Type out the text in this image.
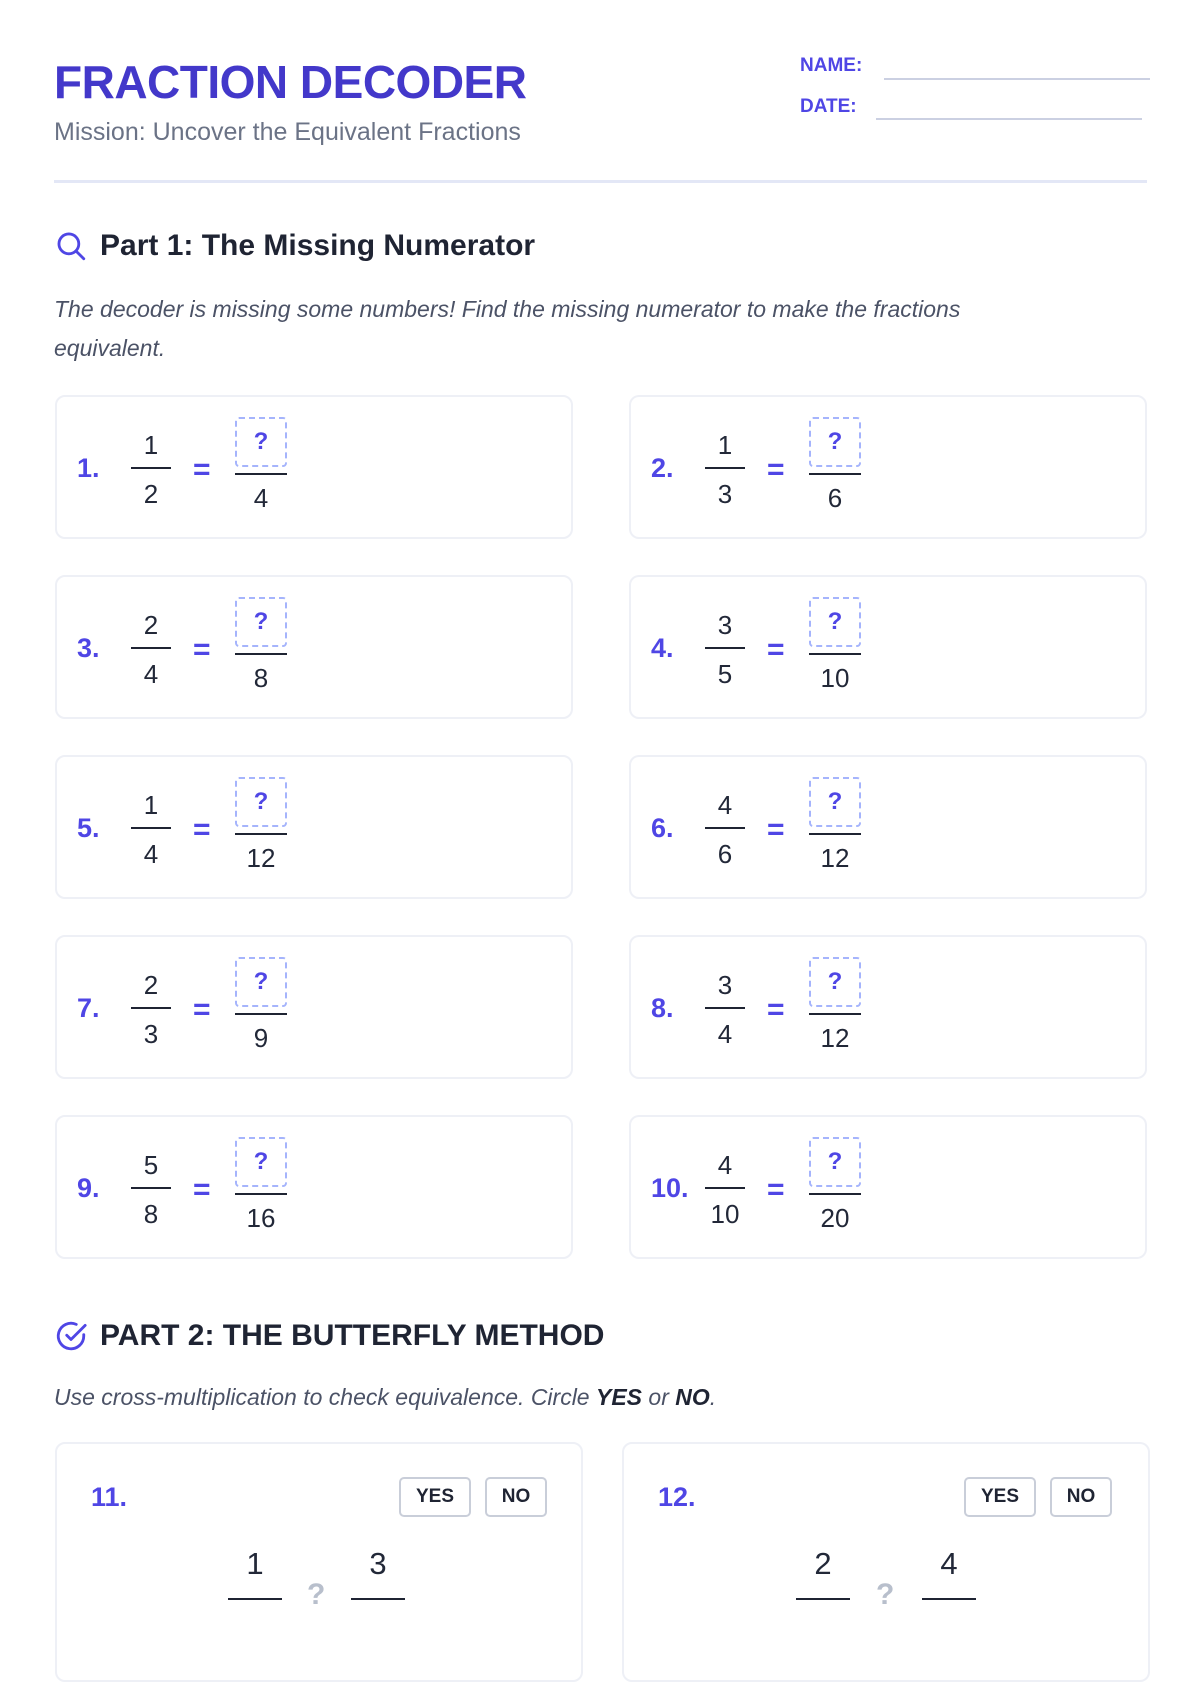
FRACTION DECODER
Mission: Uncover the Equivalent Fractions
NAME:
DATE:
Part 1: The Missing Numerator
The decoder is missing some numbers! Find the missing numerator to make the fractions equivalent.
1.
1
2
=
?
4
2.
1
3
=
?
6
3.
2
4
=
?
8
4.
3
5
=
?
10
5.
1
4
=
?
12
6.
4
6
=
?
12
7.
2
3
=
?
9
8.
3
4
=
?
12
9.
5
8
=
?
16
10.
4
10
=
?
20
PART 2: THE BUTTERFLY METHOD
Use cross-multiplication to check equivalence. Circle YES or NO.
11.	YES	NO
1
?
3
12.	YES	NO
2
?
4
